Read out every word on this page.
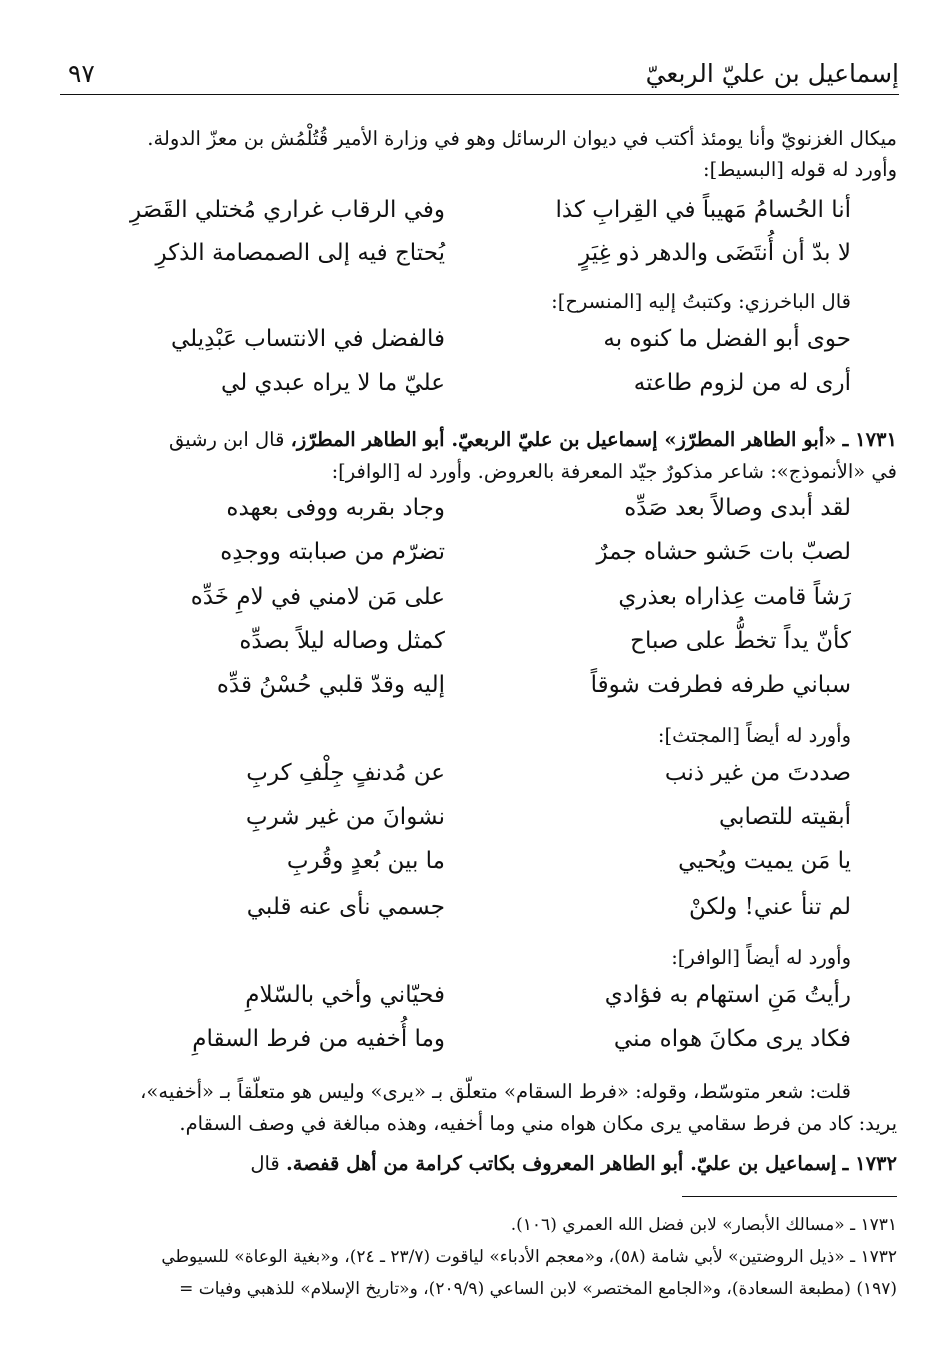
إسماعيل بن عليّ الربعيّ
٩٧
ميكال الغزنويّ وأنا يومئذ أكتب في ديوان الرسائل وهو في وزارة الأمير قُتُلْمُش بن معزّ الدولة.
وأورد له قوله [البسيط]:
أنا الحُسامُ مَهيباً في القِرابِ كذا
وفي الرقاب غراري مُختلي القَصَرِ
لا بدّ أن أُنتَضَى والدهر ذو غِيَرٍ
يُحتاج فيه إلى الصمصامة الذكرِ
قال الباخرزي: وكتبتُ إليه [المنسرح]:
حوى أبو الفضل ما كنوه به
فالفضل في الانتساب عَبْدِيلي
أرى له من لزوم طاعته
عليّ ما لا يراه عبدي لي
١٧٣١ ـ «أبو الطاهر المطرّز» إسماعيل بن عليّ الربعيّ. أبو الطاهر المطرّز، قال ابن رشيق
في «الأنموذج»: شاعر مذكورٌ جيّد المعرفة بالعروض. وأورد له [الوافر]:
لقد أبدى وصالاً بعد صَدِّه
وجاد بقربه ووفى بعهده
لصبّ بات حَشو حشاه جمرٌ
تضرّم من صبابته ووجدِه
رَشاً قامت عِذاراه بعذري
على مَن لامني في لامِ خَدِّه
كأنّ يداً تخطُّ على صباح
كمثل وصاله ليلاً بصدِّه
سباني طرفه فطرفت شوقاً
إليه وقدّ قلبي حُسْنُ قدِّه
وأورد له أيضاً [المجتث]:
صددتَ من غير ذنب
عن مُدنفٍ جِلْفِ كربِ
أبقيته للتصابي
نشوانَ من غير شربِ
يا مَن يميت ويُحيي
ما بين بُعدٍ وقُربِ
لم تنأ عني! ولكنْ
جسمي نأى عنه قلبي
وأورد له أيضاً [الوافر]:
رأيتُ مَنِ استهام به فؤادي
فحيّاني وأخي بالسّلامِ
فكاد يرى مكانَ هواه مني
وما أُخفيه من فرط السقامِ
قلت: شعر متوسّط، وقوله: «فرط السقام» متعلّق بـ «يرى» وليس هو متعلّقاً بـ «أخفيه»،
يريد: كاد من فرط سقامي يرى مكان هواه مني وما أخفيه، وهذه مبالغة في وصف السقام.
١٧٣٢ ـ إسماعيل بن عليّ. أبو الطاهر المعروف بكاتب كرامة من أهل قفصة. قال
١٧٣١ ـ «مسالك الأبصار» لابن فضل الله العمري (١٠٦).
١٧٣٢ ـ «ذيل الروضتين» لأبي شامة (٥٨)، و«معجم الأدباء» لياقوت (٢٣/٧ ـ ٢٤)، و«بغية الوعاة» للسيوطي
(١٩٧) (مطبعة السعادة)، و«الجامع المختصر» لابن الساعي (٢٠٩/٩)، و«تاريخ الإسلام» للذهبي وفيات =
